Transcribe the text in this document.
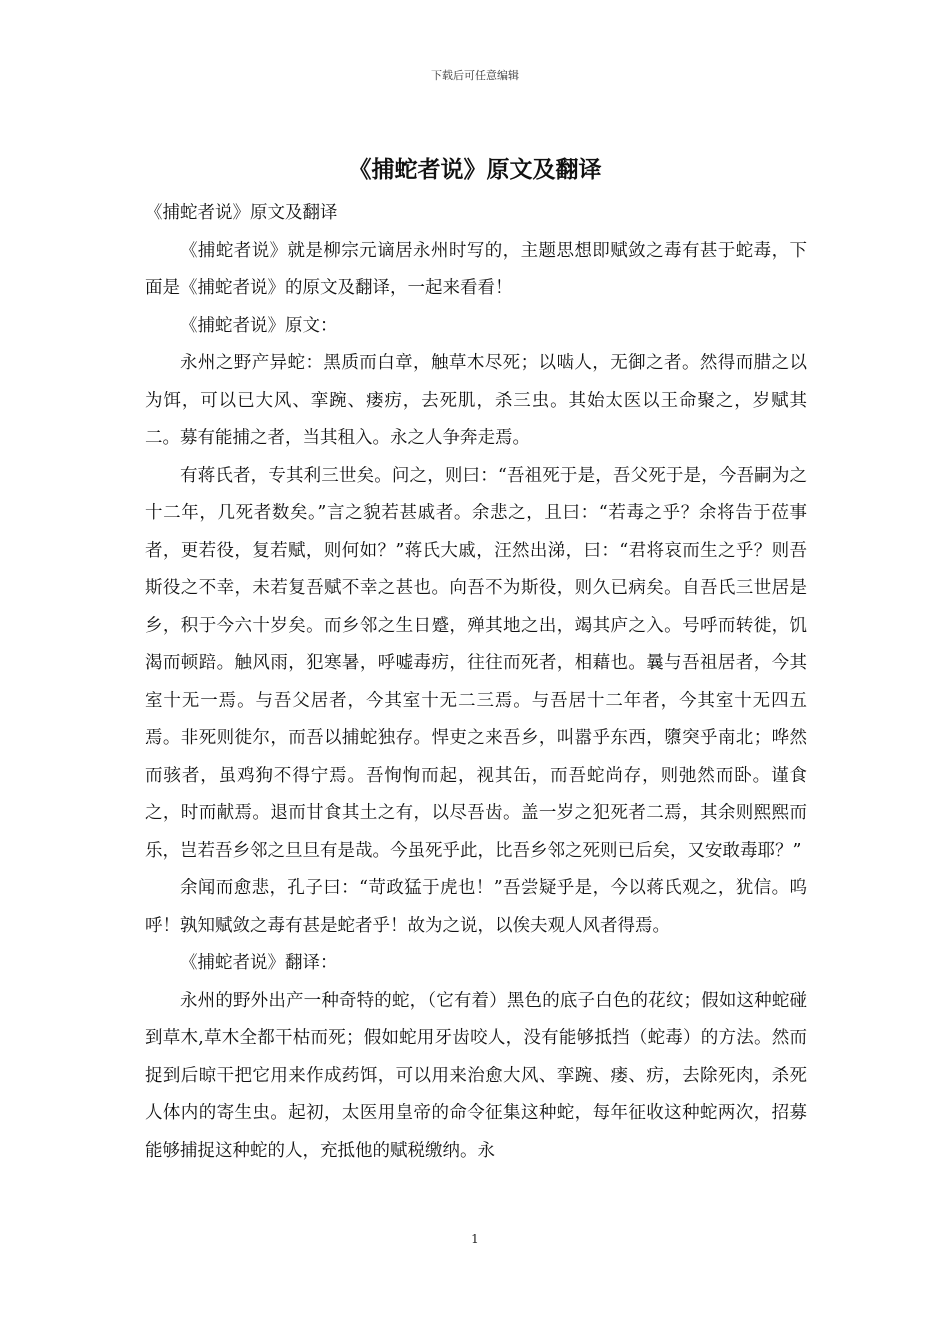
下载后可任意编辑
《捕蛇者说》原文及翻译

《捕蛇者说》原文及翻译

《捕蛇者说》就是柳宗元谪居永州时写的，主题思想即赋敛之毒有甚于蛇毒，下面是《捕蛇者说》的原文及翻译，一起来看看！

《捕蛇者说》原文：

永州之野产异蛇：黑质而白章，触草木尽死；以啮人，无御之者。然得而腊之以为饵，可以已大风、挛踠、瘘疠，去死肌，杀三虫。其始太医以王命聚之，岁赋其二。募有能捕之者，当其租入。永之人争奔走焉。

有蒋氏者，专其利三世矣。问之，则曰：“吾祖死于是，吾父死于是，今吾嗣为之十二年，几死者数矣。”言之貌若甚戚者。余悲之，且曰：“若毒之乎？余将告于莅事者，更若役，复若赋，则何如？”蒋氏大戚，汪然出涕，曰：“君将哀而生之乎？则吾斯役之不幸，未若复吾赋不幸之甚也。向吾不为斯役，则久已病矣。自吾氏三世居是乡，积于今六十岁矣。而乡邻之生日蹙，殚其地之出，竭其庐之入。号呼而转徙，饥渴而顿踣。触风雨，犯寒暑，呼嘘毒疠，往往而死者，相藉也。曩与吾祖居者，今其室十无一焉。与吾父居者，今其室十无二三焉。与吾居十二年者，今其室十无四五焉。非死则徙尔，而吾以捕蛇独存。悍吏之来吾乡，叫嚣乎东西，隳突乎南北；哗然而骇者，虽鸡狗不得宁焉。吾恂恂而起，视其缶，而吾蛇尚存，则弛然而卧。谨食之，时而献焉。退而甘食其土之有，以尽吾齿。盖一岁之犯死者二焉，其余则熙熙而乐，岂若吾乡邻之旦旦有是哉。今虽死乎此，比吾乡邻之死则已后矣，又安敢毒耶？”

余闻而愈悲，孔子曰：“苛政猛于虎也！”吾尝疑乎是，今以蒋氏观之，犹信。呜呼！孰知赋敛之毒有甚是蛇者乎！故为之说，以俟夫观人风者得焉。

《捕蛇者说》翻译：

永州的野外出产一种奇特的蛇，（它有着）黑色的底子白色的花纹；假如这种蛇碰到草木,草木全都干枯而死；假如蛇用牙齿咬人，没有能够抵挡（蛇毒）的方法。然而捉到后晾干把它用来作成药饵，可以用来治愈大风、挛踠、瘘、疠，去除死肉，杀死人体内的寄生虫。起初，太医用皇帝的命令征集这种蛇，每年征收这种蛇两次，招募能够捕捉这种蛇的人，充抵他的赋税缴纳。永

1
